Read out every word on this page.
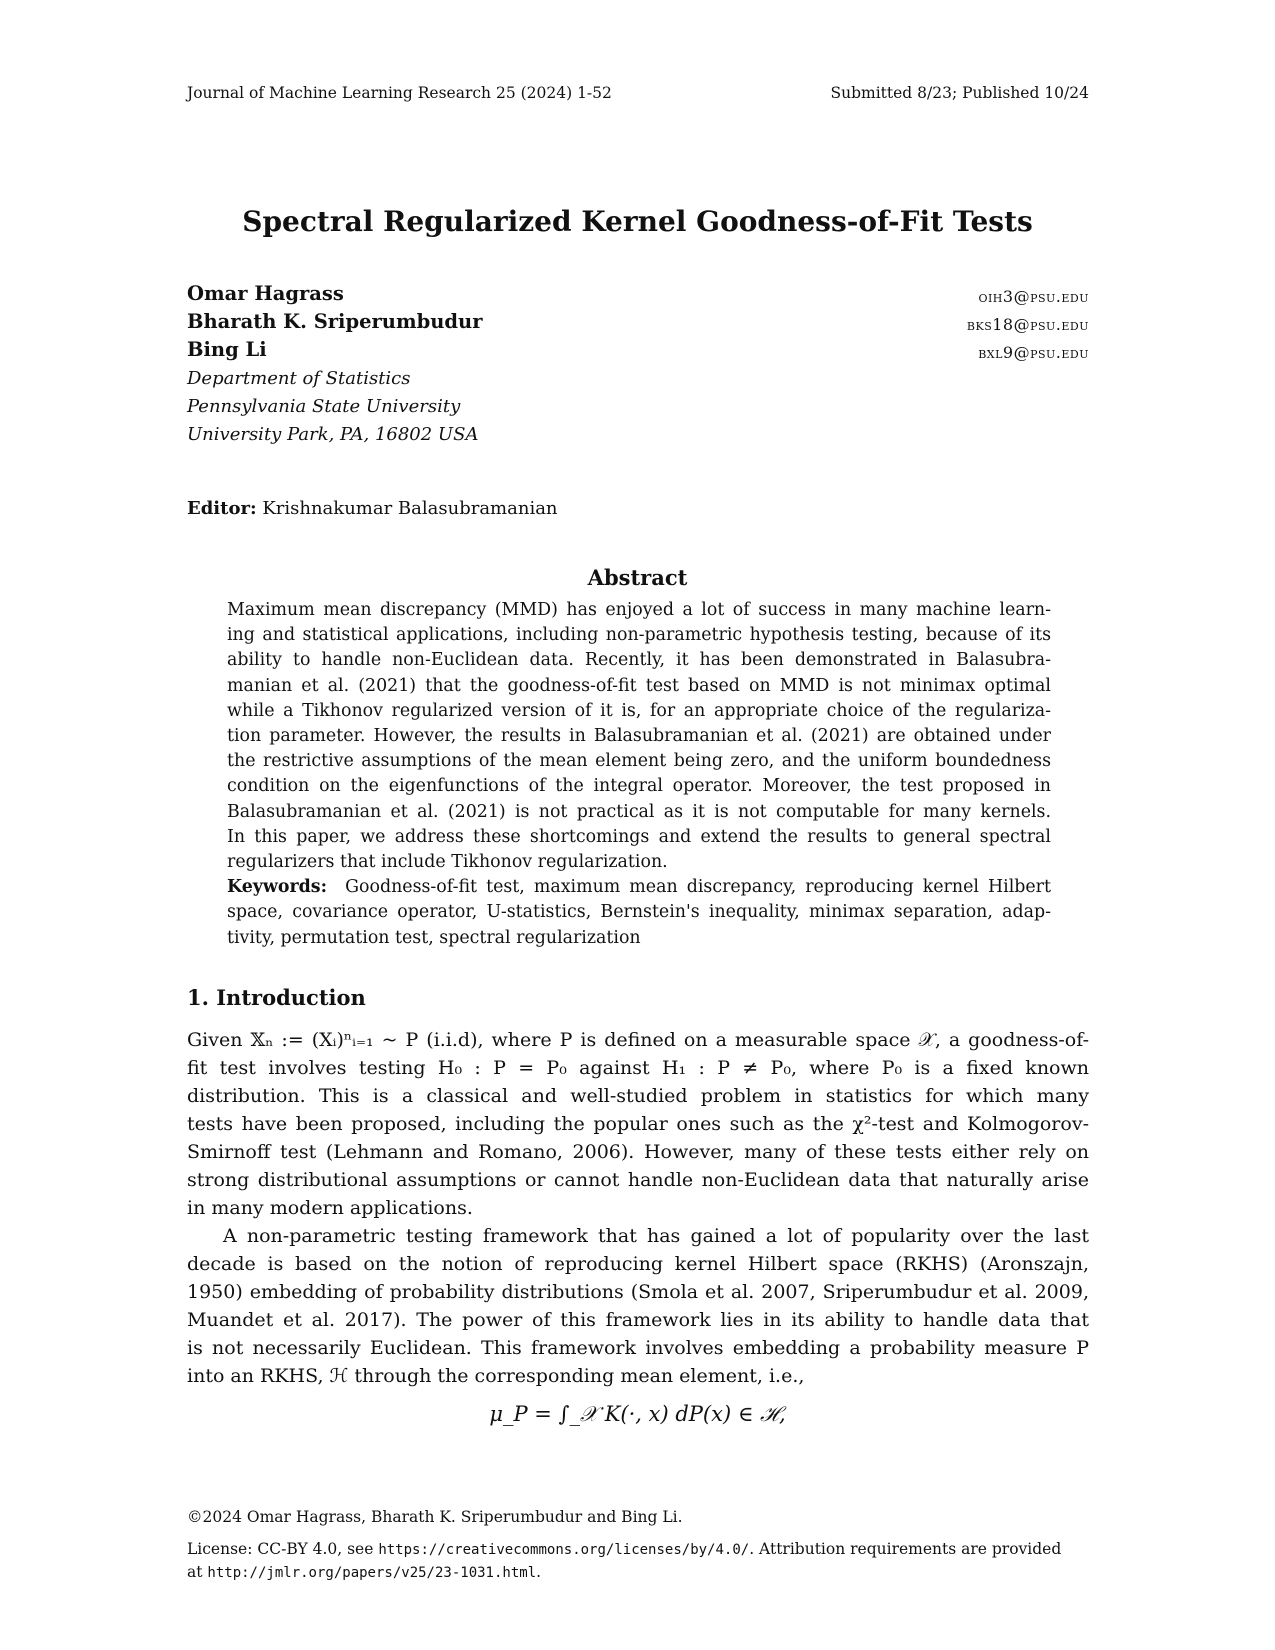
Journal of Machine Learning Research 25 (2024) 1-52	Submitted 8/23; Published 10/24
Spectral Regularized Kernel Goodness-of-Fit Tests
Omar Hagrass
Bharath K. Sriperumbudur
Bing Li
oih3@psu.edu
bks18@psu.edu
bxl9@psu.edu
Department of Statistics
Pennsylvania State University
University Park, PA, 16802 USA
Editor: Krishnakumar Balasubramanian
Abstract
Maximum mean discrepancy (MMD) has enjoyed a lot of success in many machine learn-
ing and statistical applications, including non-parametric hypothesis testing, because of its
ability to handle non-Euclidean data. Recently, it has been demonstrated in Balasubra-
manian et al. (2021) that the goodness-of-fit test based on MMD is not minimax optimal
while a Tikhonov regularized version of it is, for an appropriate choice of the regulariza-
tion parameter. However, the results in Balasubramanian et al. (2021) are obtained under
the restrictive assumptions of the mean element being zero, and the uniform boundedness
condition on the eigenfunctions of the integral operator. Moreover, the test proposed in
Balasubramanian et al. (2021) is not practical as it is not computable for many kernels.
In this paper, we address these shortcomings and extend the results to general spectral
regularizers that include Tikhonov regularization.
Keywords: Goodness-of-fit test, maximum mean discrepancy, reproducing kernel Hilbert
space, covariance operator, U-statistics, Bernstein's inequality, minimax separation, adap-
tivity, permutation test, spectral regularization
1. Introduction
Given 𝕏ₙ := (Xᵢ)ⁿᵢ₌₁ ~ P (i.i.d), where P is defined on a measurable space 𝒳, a goodness-of-
fit test involves testing H₀ : P = P₀ against H₁ : P ≠ P₀, where P₀ is a fixed known
distribution. This is a classical and well-studied problem in statistics for which many
tests have been proposed, including the popular ones such as the χ²-test and Kolmogorov-
Smirnoff test (Lehmann and Romano, 2006). However, many of these tests either rely on
strong distributional assumptions or cannot handle non-Euclidean data that naturally arise
in many modern applications.
A non-parametric testing framework that has gained a lot of popularity over the last
decade is based on the notion of reproducing kernel Hilbert space (RKHS) (Aronszajn,
1950) embedding of probability distributions (Smola et al. 2007, Sriperumbudur et al. 2009,
Muandet et al. 2017). The power of this framework lies in its ability to handle data that
is not necessarily Euclidean. This framework involves embedding a probability measure P
into an RKHS, ℋ through the corresponding mean element, i.e.,
μ_P = ∫_𝒳 K(·, x) dP(x) ∈ ℋ,
©2024 Omar Hagrass, Bharath K. Sriperumbudur and Bing Li.
License: CC-BY 4.0, see https://creativecommons.org/licenses/by/4.0/. Attribution requirements are provided
at http://jmlr.org/papers/v25/23-1031.html.
